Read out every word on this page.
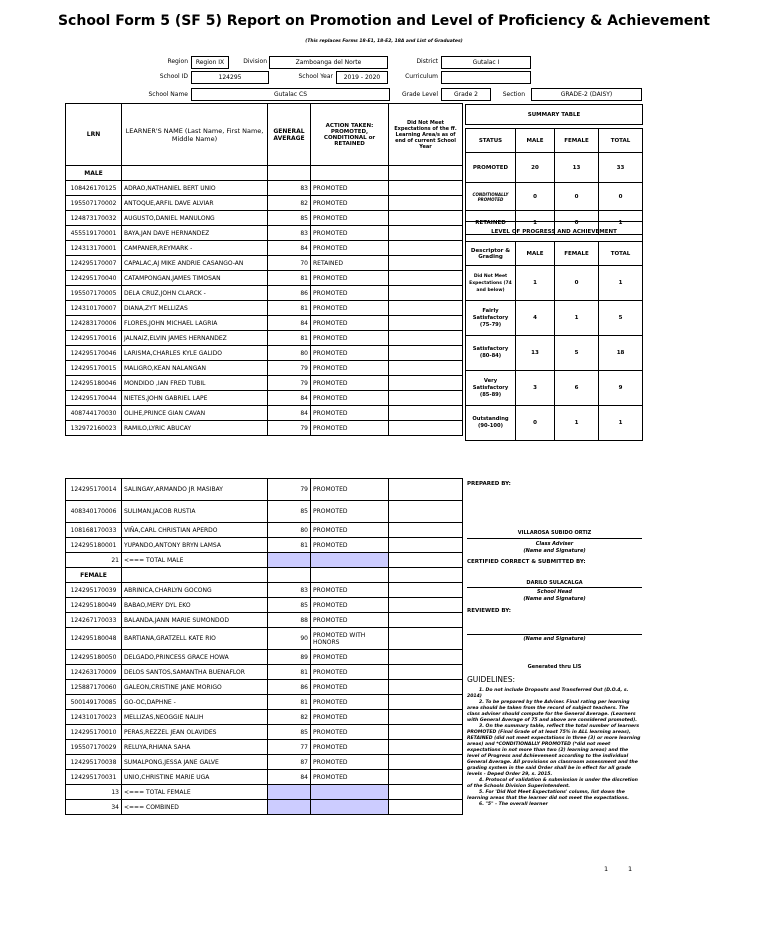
School Form 5 (SF 5) Report on Promotion and Level of Proficiency & Achievement
(This replaces Forms 18-E1, 18-E2, 18A and List of Graduates)
Region	Region IX	Division	Zamboanga del Norte	District	Gutalac I
School ID	124295	School Year	2019 - 2020	Curriculum
School Name	Gutalac CS	Grade Level	Grade 2	Section	GRADE-2 (DAISY)
LRN	LEARNER'S NAME (Last Name, First Name, Middle Name)	GENERAL AVERAGE	ACTION TAKEN: PROMOTED, CONDITIONAL or RETAINED	Did Not Meet Expectations of the ff. Learning Area/s as of end of current School Year
MALE				
108426170125	ADRAO,NATHANIEL BERT UNIO	83	PROMOTED	
195507170002	ANTOQUE,ARFIL DAVE ALVIAR	82	PROMOTED	
124873170032	AUGUSTO,DANIEL MANULONG	85	PROMOTED	
455519170001	BAYA,JAN DAVE HERNANDEZ	83	PROMOTED	
124313170001	CAMPANER,REYMARK -	84	PROMOTED	
124295170007	CAPALAC,AJ MIKE ANDRIE CASANGO-AN	70	RETAINED	
124295170040	CATAMPONGAN,JAMES TIMOSAN	81	PROMOTED	
195507170005	DELA CRUZ,JOHN CLARCK -	86	PROMOTED	
124310170007	DIANA,ZYT MELLIZAS	81	PROMOTED	
124283170006	FLORES,JOHN MICHAEL LAGRIA	84	PROMOTED	
124295170016	JALNAIZ,ELVIN JAMES HERNANDEZ	81	PROMOTED	
124295170046	LARISMA,CHARLES KYLE GALIDO	80	PROMOTED	
124295170015	MALIGRO,KEAN NALANGAN	79	PROMOTED	
124295180046	MONDIDO ,IAN FRED TUBIL	79	PROMOTED	
124295170044	NIETES,JOHN GABRIEL LAPE	84	PROMOTED	
408744170030	OLIHE,PRINCE GIAN CAVAN	84	PROMOTED	
132972160023	RAMILO,LYRIC ABUCAY	79	PROMOTED	
124295170014	SALINGAY,ARMANDO JR MASIBAY	79	PROMOTED	
408340170006	SULIMAN,JACOB RUSTIA	85	PROMOTED	
108168170033	VIÑA,CARL CHRISTIAN APERDO	80	PROMOTED	
124295180001	YUPANDO,ANTONY BRYN LAMSA	81	PROMOTED	
21	<=== TOTAL MALE			
FEMALE				
124295170039	ABRINICA,CHARLYN GOCONG	83	PROMOTED	
124295180049	BABAO,MERY DYL EKO	85	PROMOTED	
124267170033	BALANDA,JANN MARIE SUMONDOD	88	PROMOTED	
124295180048	BARTIANA,GRATZELL KATE RIO	90	PROMOTED WITH HONORS	
124295180050	DELGADO,PRINCESS GRACE HOWA	89	PROMOTED	
124263170009	DELOS SANTOS,SAMANTHA BUENAFLOR	81	PROMOTED	
125887170060	GALEON,CRISTINE JANE MORIGO	86	PROMOTED	
500149170085	GO-OC,DAPHNE -	81	PROMOTED	
124310170023	MELLIZAS,NEOGGIE NALIH	82	PROMOTED	
124295170010	PERAS,REZZEL JEAN OLAVIDES	85	PROMOTED	
195507170029	RELUYA,RHIANA SAHA	77	PROMOTED	
124295170038	SUMALPONG,JESSA JANE GALVE	87	PROMOTED	
124295170031	UNIO,CHRISTINE MARIE UGA	84	PROMOTED	
13	<=== TOTAL FEMALE			
34	<=== COMBINED			
SUMMARY TABLE			

STATUS	MALE	FEMALE	TOTAL
PROMOTED	20	13	33
CONDITIONALLY PROMOTED	0	0	0
RETAINED	1	0	1
LEVEL OF PROGRESS AND ACHIEVEMENT			
Descriptor & Grading	MALE	FEMALE	TOTAL
Did Not Meet Expectations (74 and below)	1	0	1
Fairly Satisfactory (75-79)	4	1	5
Satisfactory (80-84)	13	5	18
Very Satisfactory (85-89)	3	6	9
Outstanding (90-100)	0	1	1
PREPARED BY:
VILLAROSA SUBIDO ORTIZ
Class Adviser
(Name and Signature)
CERTIFIED CORRECT & SUBMITTED BY:
DARILO SULACALGA
School Head
(Name and Signature)
REVIEWED BY:
(Name and Signature)
Generated thru LIS
GUIDELINES:
1. Do not include Dropouts and Transferred Out (D.O.4, s. 2014)
2. To be prepared by the Adviser. Final rating per learning area should be taken from the record of subject teachers. The class adviser should compute for the General Average. (Learners with General Average of 75 and above are considered promoted).
3. On the summary table, reflect the total number of learners PROMOTED (Final Grade of at least 75% in ALL learning areas), RETAINED (did not meet expectations in three (3) or more learning areas) and *CONDITIONALLY PROMOTED (*did not meet expectations in not more than two (2) learning areas) and the level of Progress and Achievement according to the individual General Average. All provisions on classroom assessment and the grading system in the said Order shall be in effect for all grade levels - Deped Order 29, s. 2015.
4. Protocol of validation & submission is under the discretion of the Schools Division Superintendent.
5. For 'Did Not Meet Expectations' column, list down the learning areas that the learner did not meet the expectations.
6. "5" - The overall learner
1	1
